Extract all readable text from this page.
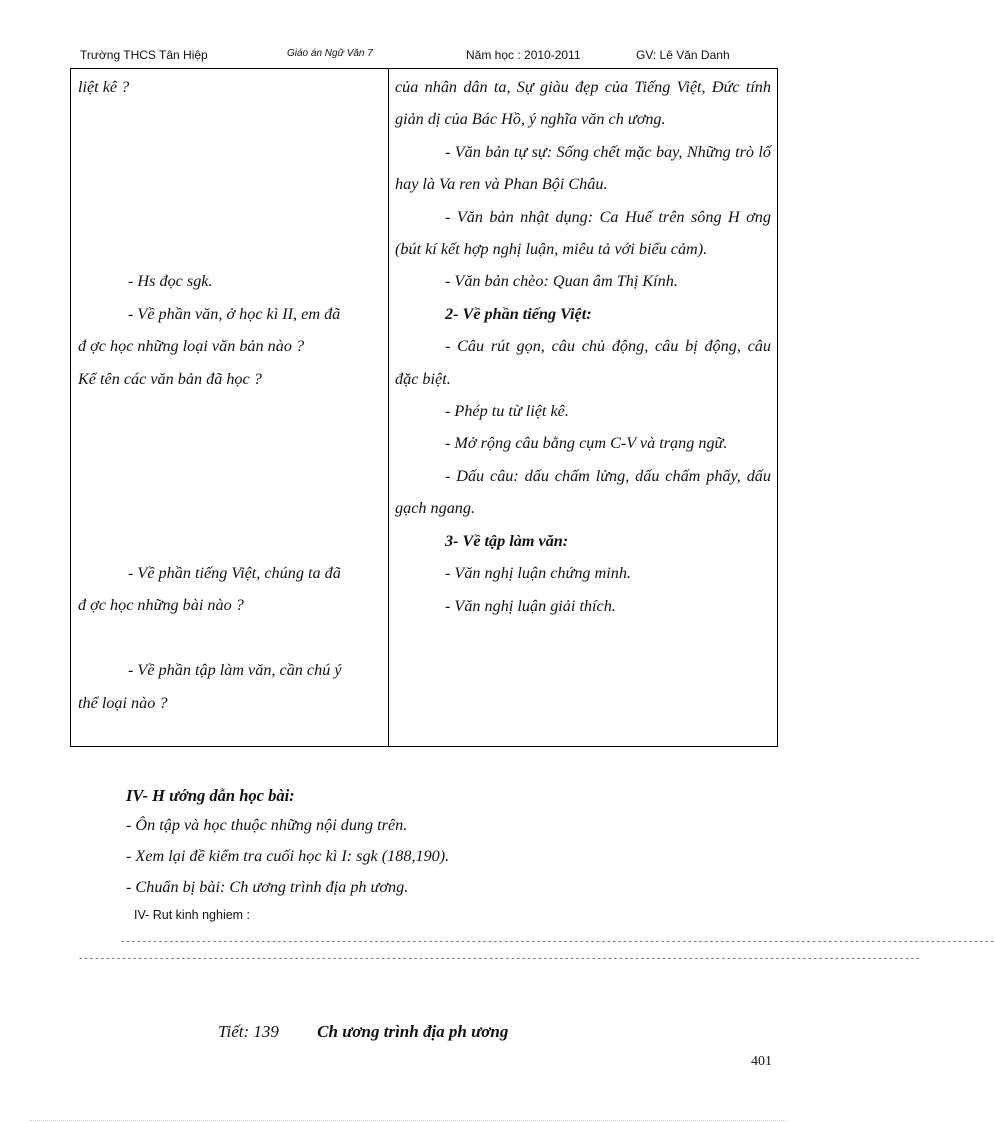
Trường THCS Tân Hiệp	Giáo án Ngữ Văn 7	Năm học : 2010-2011	GV: Lê Văn Danh
liệt kê ?
- Hs đọc sgk.
- Về phần văn, ở học kì II, em đã
đ ợc học những loại văn bản nào ?
Kể tên các văn bản đã học ?
- Về phần tiếng Việt, chúng ta đã
đ ợc học những bài nào ?
- Về phần tập làm văn, cần chú ý
thể loại nào ?

của nhân dân ta, Sự giàu đẹp của Tiếng Việt, Đức tính giản dị của Bác Hồ, ý nghĩa văn ch ương.

- Văn bản tự sự: Sống chết mặc bay, Những trò lố hay là Va ren và Phan Bội Châu.

- Văn bản nhật dụng: Ca Huế trên sông H ơng (bút kí kết hợp nghị luận, miêu tả với biểu cảm).

- Văn bản chèo: Quan âm Thị Kính.

2- Về phần tiếng Việt:

- Câu rút gọn, câu chủ động, câu bị động, câu đặc biệt.

- Phép tu từ liệt kê.

- Mở rộng câu bằng cụm C-V và trạng ngữ.

- Dấu câu: dấu chấm lửng, dấu chấm phẩy, dấu gạch ngang.

3- Về tập làm văn:

- Văn nghị luận chứng minh.

- Văn nghị luận giải thích.

IV- H ướng dẫn học bài:
- Ôn tập và học thuộc những nội dung trên.
- Xem lại đề kiểm tra cuối học kì I: sgk (188,190).
- Chuẩn bị bài: Ch ương trình địa ph ương.
IV- Rut kinh nghiem :
------------------------------------------------------------------------------------------------------------------------------------------------------------------
------------------------------------------------------------------------------------------------------------------------------------------------------------
Tiết: 139 Ch ương trình địa ph ương
401
